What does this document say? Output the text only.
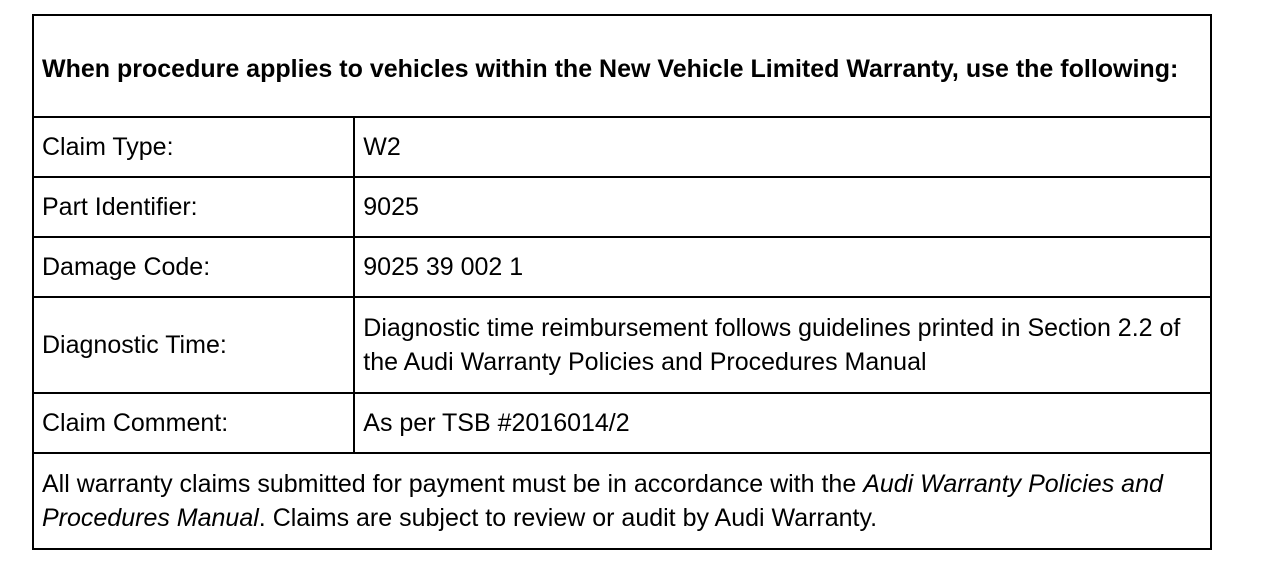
When procedure applies to vehicles within the New Vehicle Limited Warranty, use the following:	
Claim Type:	W2
Part Identifier:	9025
Damage Code:	9025 39 002 1
Diagnostic Time:	Diagnostic time reimbursement follows guidelines printed in Section 2.2 of the Audi Warranty Policies and Procedures Manual
Claim Comment:	As per TSB #2016014/2
All warranty claims submitted for payment must be in accordance with the Audi Warranty Policies and Procedures Manual. Claims are subject to review or audit by Audi Warranty.	
